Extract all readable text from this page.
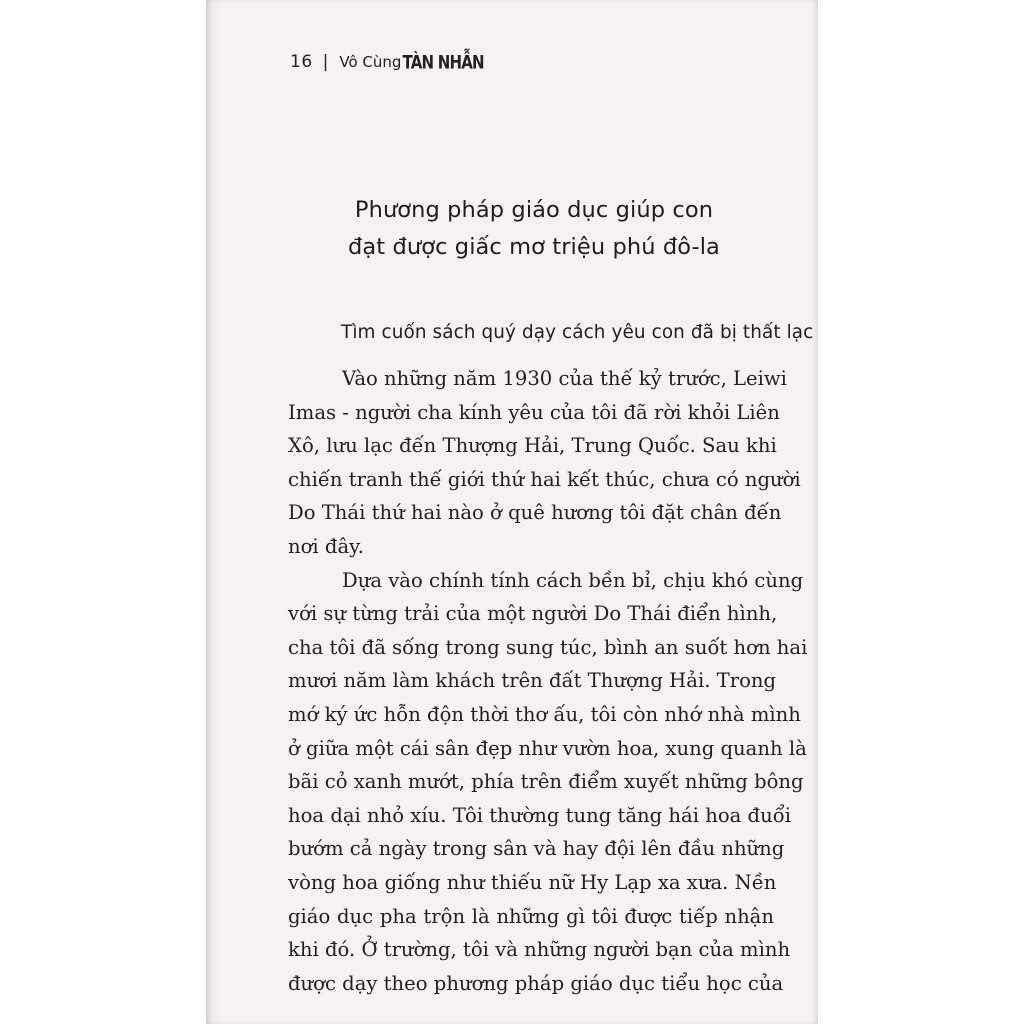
16 | Vô Cùng TÀN NHẪN
Phương pháp giáo dục giúp con
đạt được giấc mơ triệu phú đô-la
Tìm cuốn sách quý dạy cách yêu con đã bị thất lạc
Vào những năm 1930 của thế kỷ trước, Leiwi
Imas - người cha kính yêu của tôi đã rời khỏi Liên
Xô, lưu lạc đến Thượng Hải, Trung Quốc. Sau khi
chiến tranh thế giới thứ hai kết thúc, chưa có người
Do Thái thứ hai nào ở quê hương tôi đặt chân đến
nơi đây.
Dựa vào chính tính cách bền bỉ, chịu khó cùng
với sự từng trải của một người Do Thái điển hình,
cha tôi đã sống trong sung túc, bình an suốt hơn hai
mươi năm làm khách trên đất Thượng Hải. Trong
mớ ký ức hỗn độn thời thơ ấu, tôi còn nhớ nhà mình
ở giữa một cái sân đẹp như vườn hoa, xung quanh là
bãi cỏ xanh mướt, phía trên điểm xuyết những bông
hoa dại nhỏ xíu. Tôi thường tung tăng hái hoa đuổi
bướm cả ngày trong sân và hay đội lên đầu những
vòng hoa giống như thiếu nữ Hy Lạp xa xưa. Nền
giáo dục pha trộn là những gì tôi được tiếp nhận
khi đó. Ở trường, tôi và những người bạn của mình
được dạy theo phương pháp giáo dục tiểu học của
